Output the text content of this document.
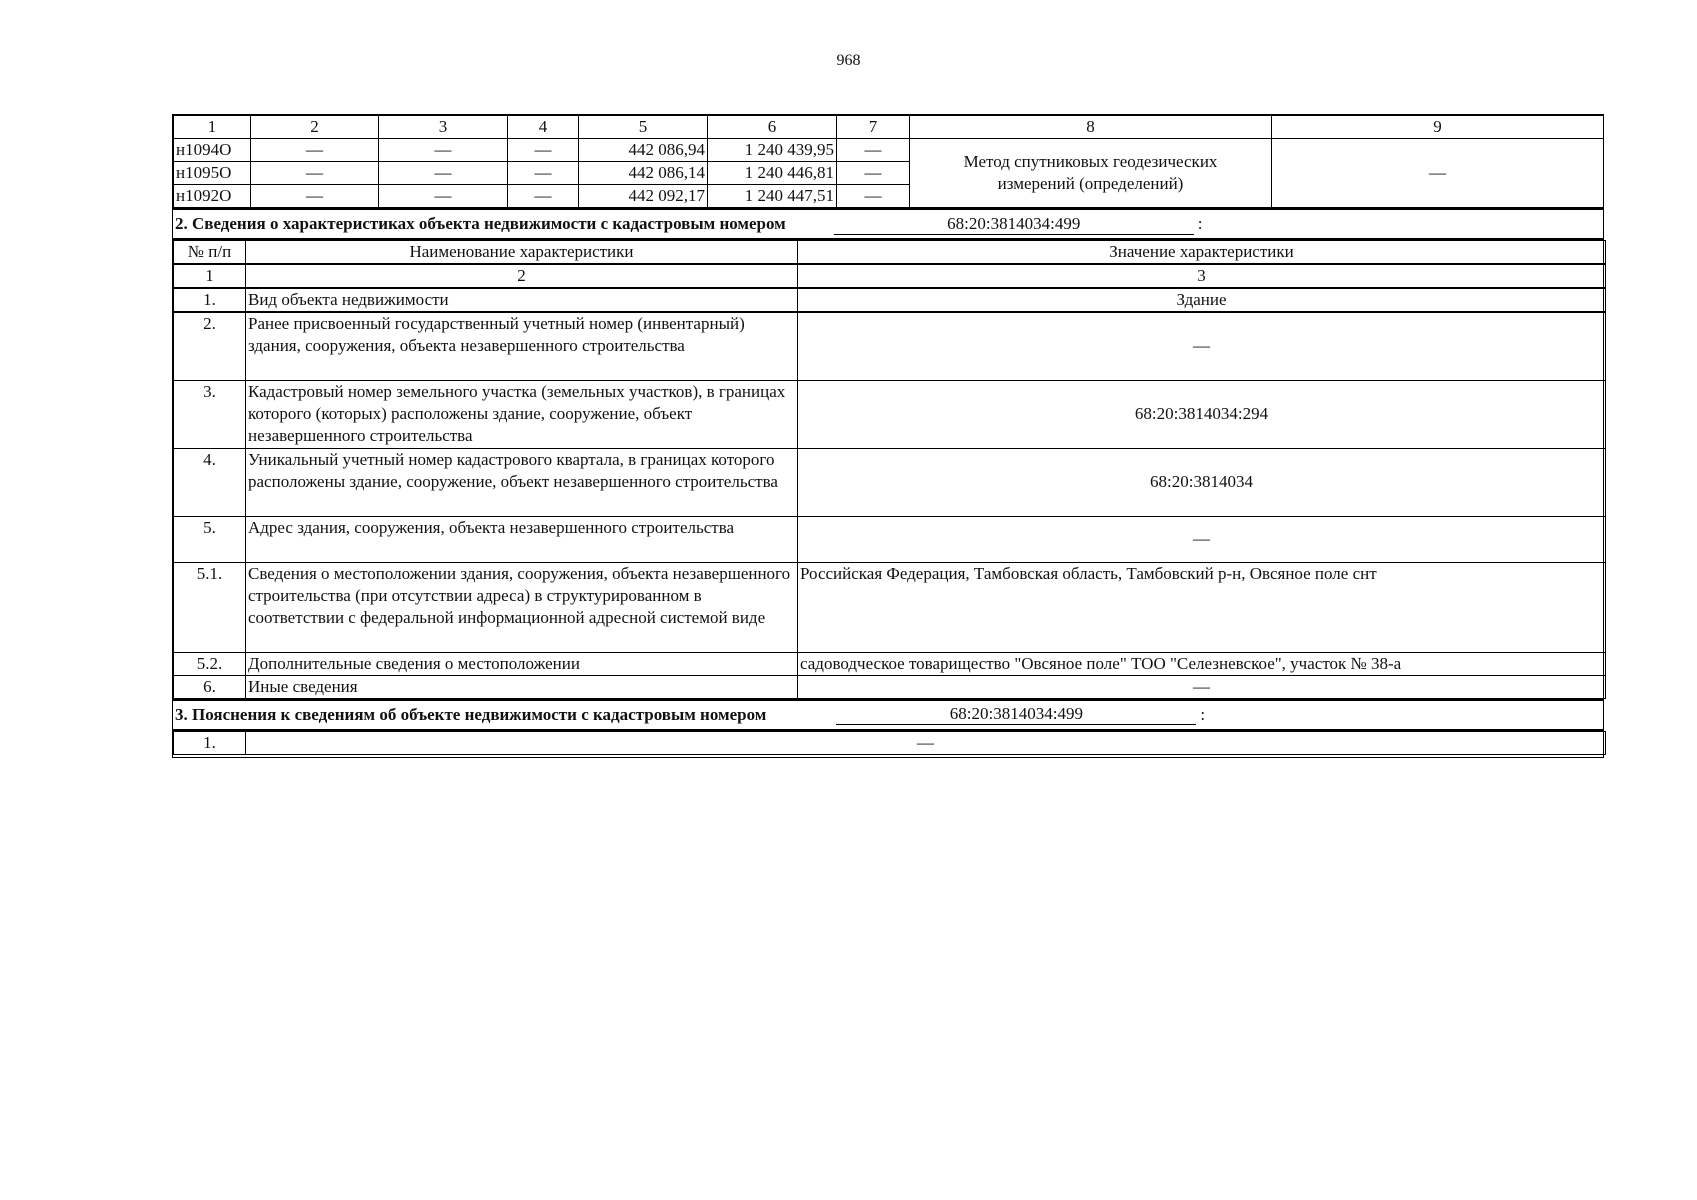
968
1	2	3	4	5	6	7	8	9
н1094О	—	—	—	442 086,94	1 240 439,95	—	Метод спутниковых геодезических измерений (определений)	—
н1095О	—	—	—	442 086,14	1 240 446,81	—		
н1092О	—	—	—	442 092,17	1 240 447,51	—		
2. Сведения о характеристиках объекта недвижимости с кадастровым номером	68:20:3814034:499	:
№ п/п	Наименование характеристики	Значение характеристики
1	2	3
1.	Вид объекта недвижимости	Здание
2.	Ранее присвоенный государственный учетный номер (инвентарный) здания, сооружения, объекта незавершенного строительства	—
3.	Кадастровый номер земельного участка (земельных участков), в границах которого (которых) расположены здание, сооружение, объект незавершенного строительства	68:20:3814034:294
4.	Уникальный учетный номер кадастрового квартала, в границах которого расположены здание, сооружение, объект незавершенного строительства	68:20:3814034
5.	Адрес здания, сооружения, объекта незавершенного строительства	—
5.1.	Сведения о местоположении здания, сооружения, объекта незавершенного строительства (при отсутствии адреса) в структурированном в соответствии с федеральной информационной адресной системой виде	Российская Федерация, Тамбовская область, Тамбовский р-н, Овсяное поле снт
5.2.	Дополнительные сведения о местоположении	садоводческое товарищество "Овсяное поле" ТОО "Селезневское", участок № 38-а
6.	Иные сведения	—
3. Пояснения к сведениям об объекте недвижимости с кадастровым номером	68:20:3814034:499	:
1.	—
